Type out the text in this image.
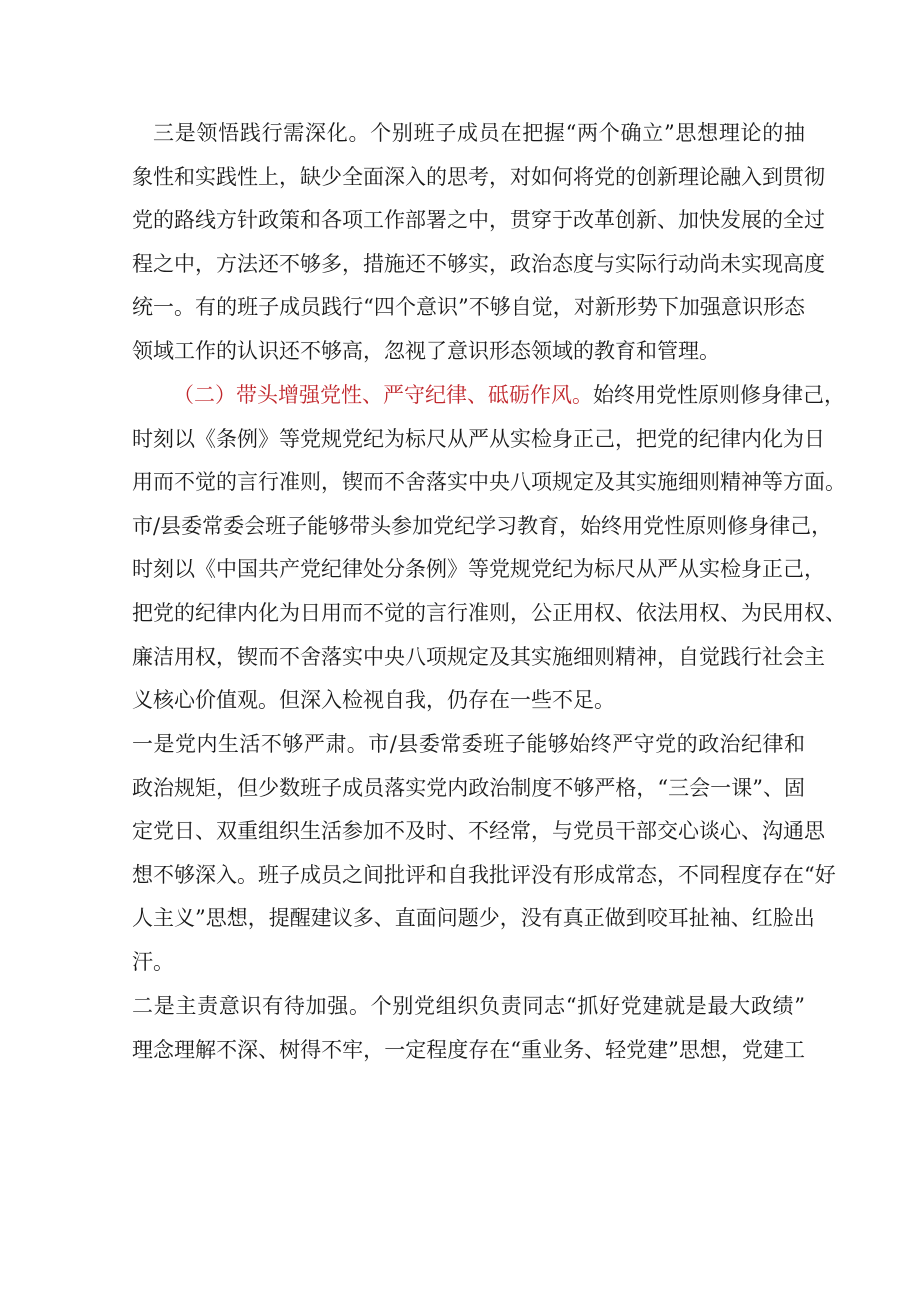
三是领悟践行需深化。个别班子成员在把握“两个确立”思想理论的抽
象性和实践性上，缺少全面深入的思考，对如何将党的创新理论融入到贯彻
党的路线方针政策和各项工作部署之中，贯穿于改革创新、加快发展的全过
程之中，方法还不够多，措施还不够实，政治态度与实际行动尚未实现高度
统一。有的班子成员践行“四个意识”不够自觉，对新形势下加强意识形态
领域工作的认识还不够高，忽视了意识形态领域的教育和管理。
（二）带头增强党性、严守纪律、砥砺作风。始终用党性原则修身律己，
时刻以《条例》等党规党纪为标尺从严从实检身正己，把党的纪律内化为日
用而不觉的言行准则，锲而不舍落实中央八项规定及其实施细则精神等方面。
市/县委常委会班子能够带头参加党纪学习教育，始终用党性原则修身律己，
时刻以《中国共产党纪律处分条例》等党规党纪为标尺从严从实检身正己，
把党的纪律内化为日用而不觉的言行准则，公正用权、依法用权、为民用权、
廉洁用权，锲而不舍落实中央八项规定及其实施细则精神，自觉践行社会主
义核心价值观。但深入检视自我，仍存在一些不足。
一是党内生活不够严肃。市/县委常委班子能够始终严守党的政治纪律和
政治规矩，但少数班子成员落实党内政治制度不够严格，“三会一课”、固
定党日、双重组织生活参加不及时、不经常，与党员干部交心谈心、沟通思
想不够深入。班子成员之间批评和自我批评没有形成常态，不同程度存在“好
人主义”思想，提醒建议多、直面问题少，没有真正做到咬耳扯袖、红脸出
汗。
二是主责意识有待加强。个别党组织负责同志“抓好党建就是最大政绩”
理念理解不深、树得不牢，一定程度存在“重业务、轻党建”思想，党建工
